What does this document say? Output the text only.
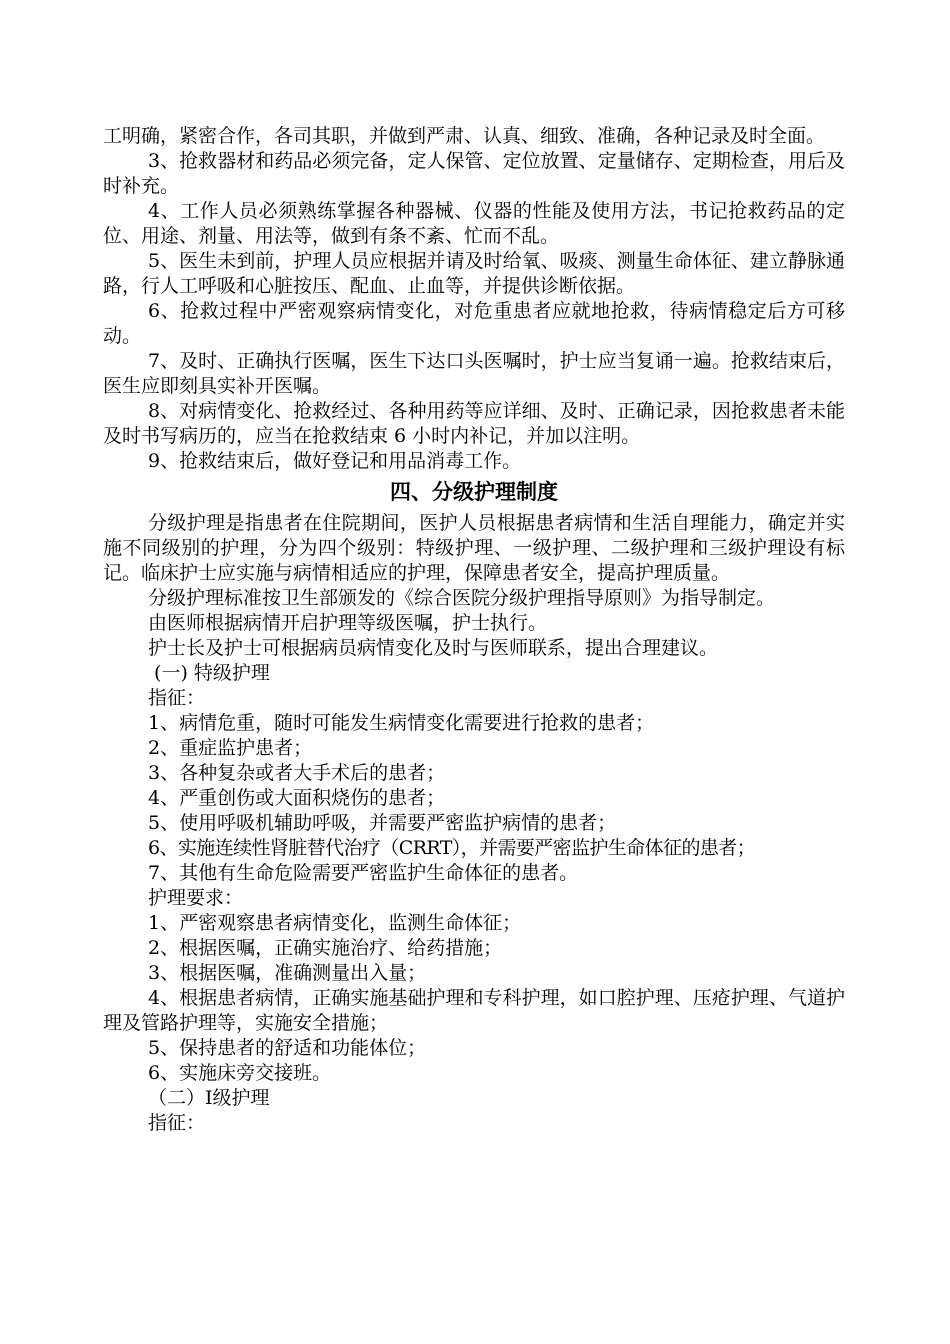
工明确，紧密合作，各司其职，并做到严肃、认真、细致、准确，各种记录及时全面。

3、抢救器材和药品必须完备，定人保管、定位放置、定量储存、定期检查，用后及时补充。

4、工作人员必须熟练掌握各种器械、仪器的性能及使用方法，书记抢救药品的定位、用途、剂量、用法等，做到有条不紊、忙而不乱。

5、医生未到前，护理人员应根据并请及时给氧、吸痰、测量生命体征、建立静脉通路，行人工呼吸和心脏按压、配血、止血等，并提供诊断依据。

6、抢救过程中严密观察病情变化，对危重患者应就地抢救，待病情稳定后方可移动。

7、及时、正确执行医嘱，医生下达口头医嘱时，护士应当复诵一遍。抢救结束后，医生应即刻具实补开医嘱。

8、对病情变化、抢救经过、各种用药等应详细、及时、正确记录，因抢救患者未能及时书写病历的，应当在抢救结束 6 小时内补记，并加以注明。

9、抢救结束后，做好登记和用品消毒工作。

四、分级护理制度

分级护理是指患者在住院期间，医护人员根据患者病情和生活自理能力，确定并实施不同级别的护理，分为四个级别：特级护理、一级护理、二级护理和三级护理设有标记。临床护士应实施与病情相适应的护理，保障患者安全，提高护理质量。

分级护理标准按卫生部颁发的《综合医院分级护理指导原则》为指导制定。

由医师根据病情开启护理等级医嘱，护士执行。

护士长及护士可根据病员病情变化及时与医师联系，提出合理建议。

(一) 特级护理

指征：

1、病情危重，随时可能发生病情变化需要进行抢救的患者；

2、重症监护患者；

3、各种复杂或者大手术后的患者；

4、严重创伤或大面积烧伤的患者；

5、使用呼吸机辅助呼吸，并需要严密监护病情的患者；

6、实施连续性肾脏替代治疗（CRRT），并需要严密监护生命体征的患者；

7、其他有生命危险需要严密监护生命体征的患者。

护理要求：

1、严密观察患者病情变化，监测生命体征；

2、根据医嘱，正确实施治疗、给药措施；

3、根据医嘱，准确测量出入量；

4、根据患者病情，正确实施基础护理和专科护理，如口腔护理、压疮护理、气道护理及管路护理等，实施安全措施；

5、保持患者的舒适和功能体位；

6、实施床旁交接班。

（二）Ⅰ级护理

指征：
